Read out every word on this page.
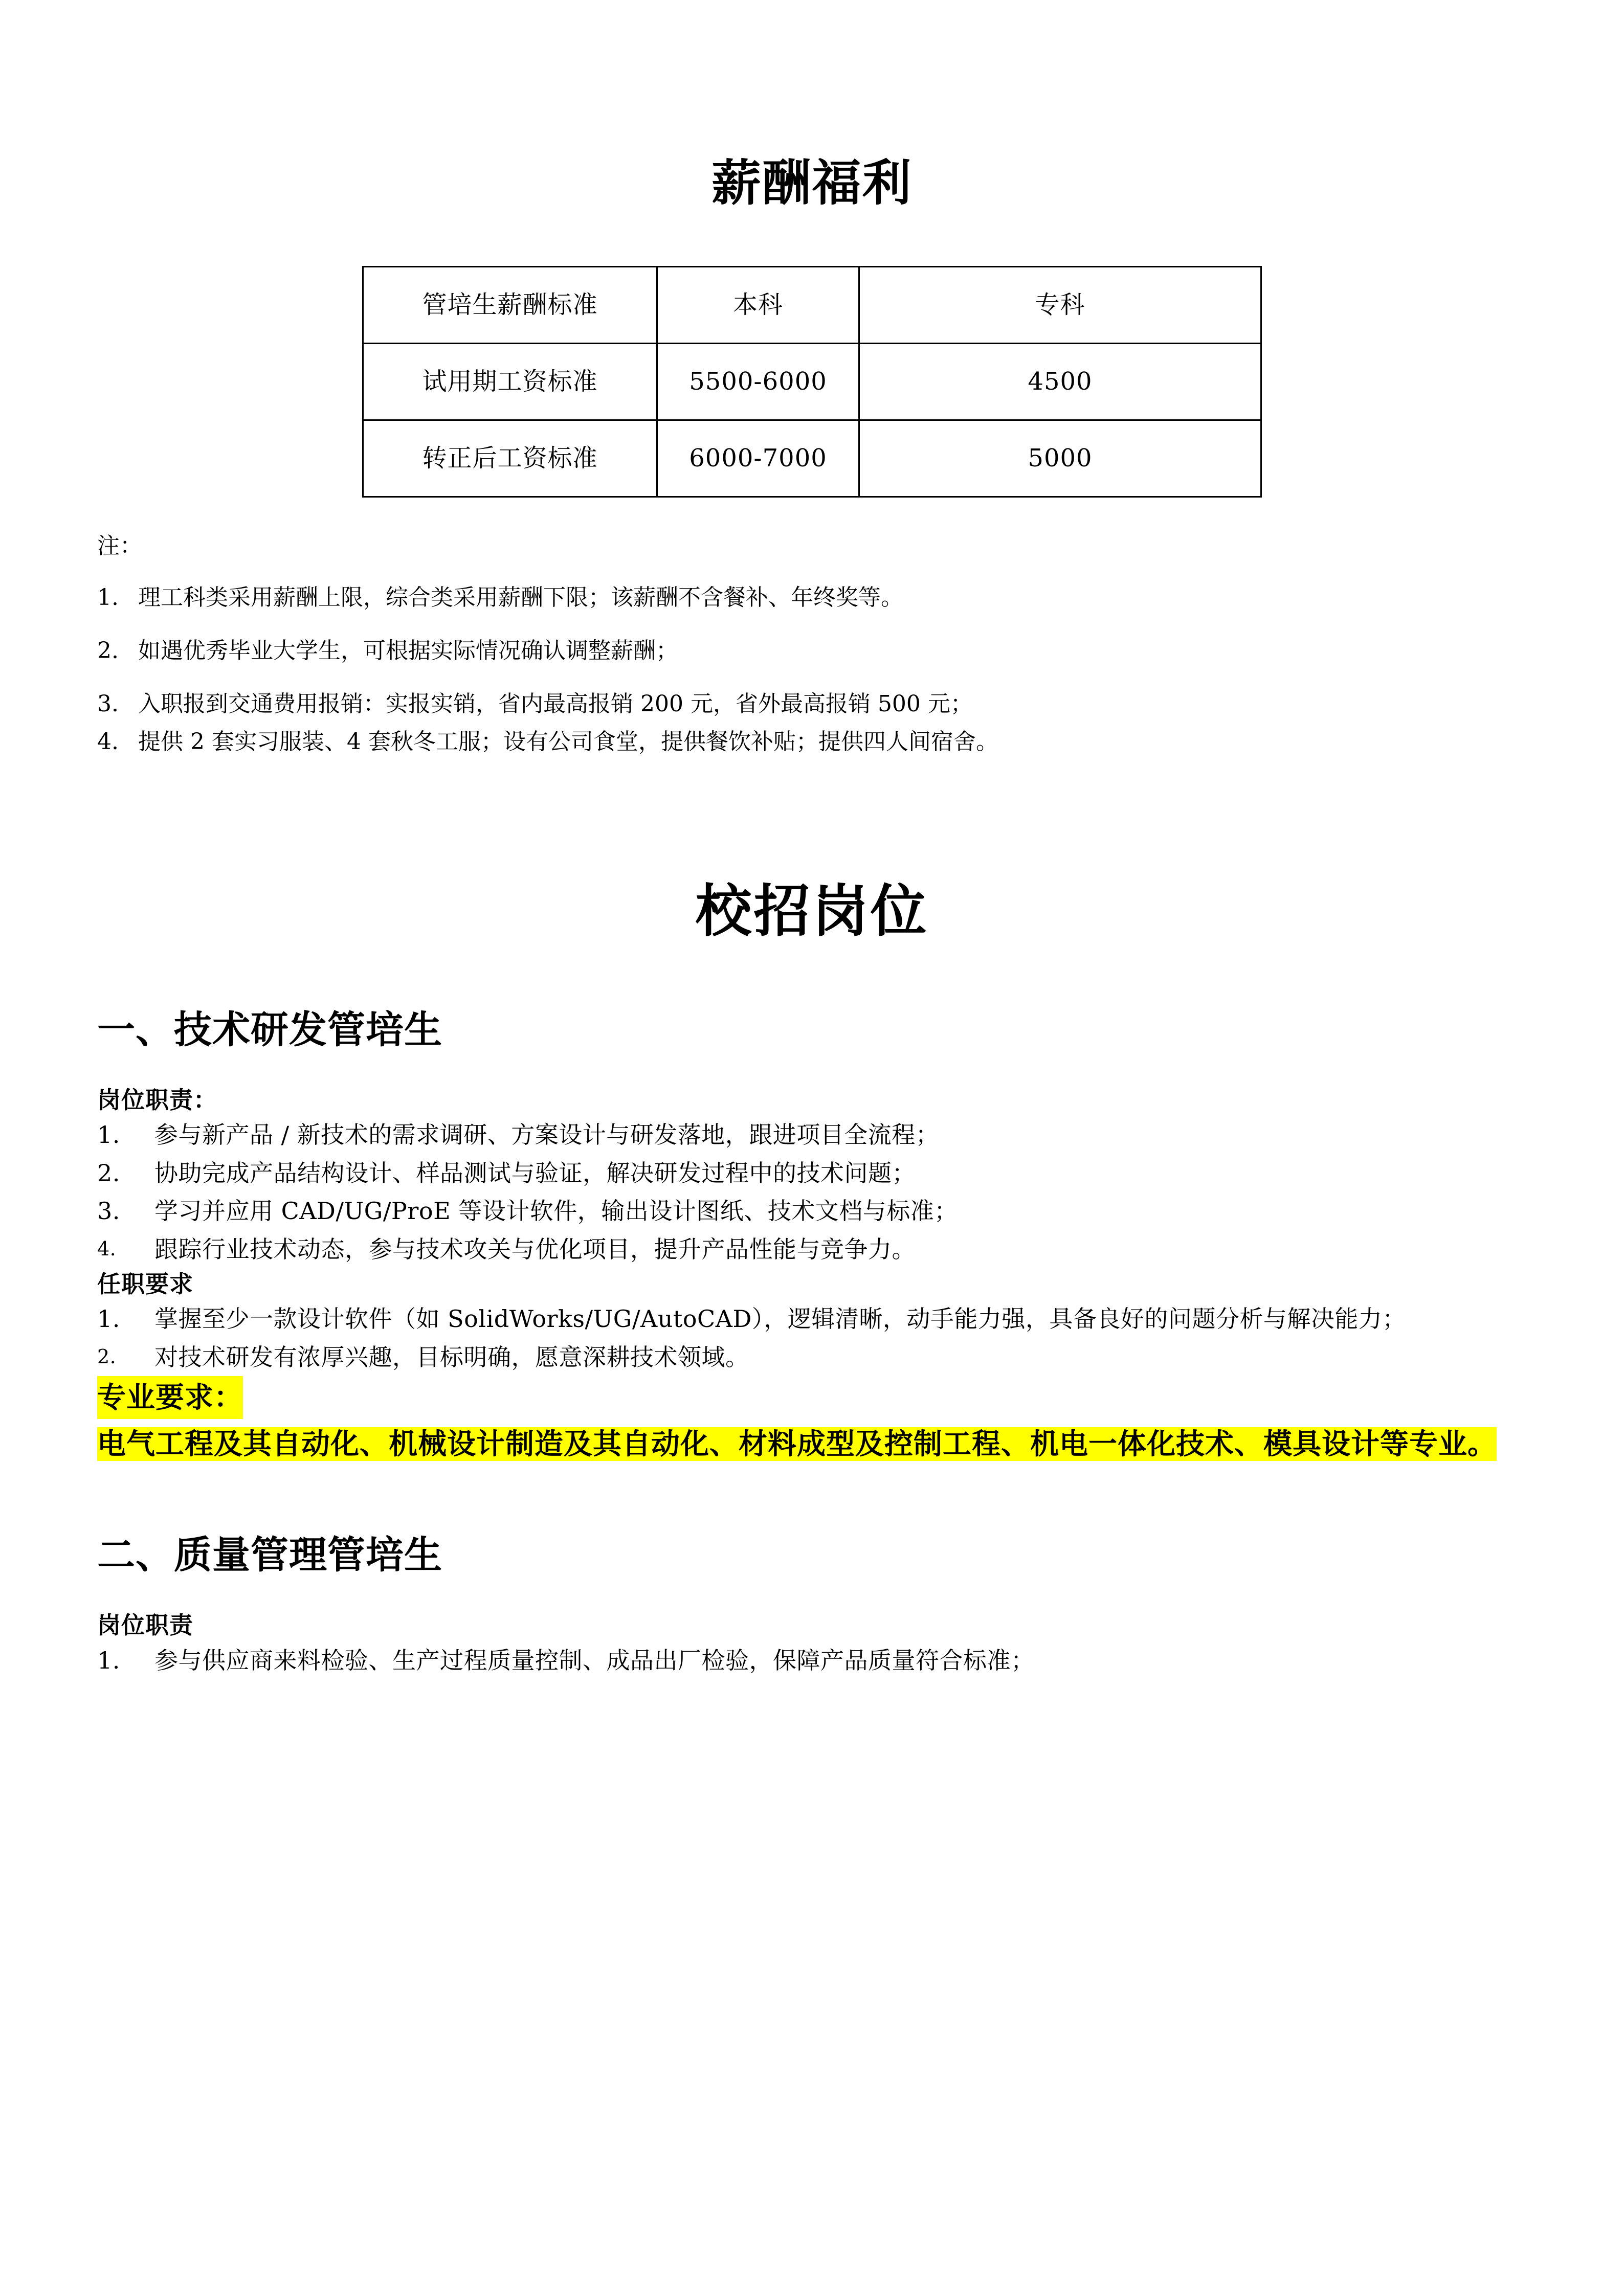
薪酬福利
管培生薪酬标准	本科	专科
试用期工资标准	5500-6000	4500
转正后工资标准	6000-7000	5000

注：

1. 理工科类采用薪酬上限，综合类采用薪酬下限；该薪酬不含餐补、年终奖等。
2. 如遇优秀毕业大学生，可根据实际情况确认调整薪酬；
3. 入职报到交通费用报销：实报实销，省内最高报销 200 元，省外最高报销 500 元；
4. 提供 2 套实习服装、4 套秋冬工服；设有公司食堂，提供餐饮补贴；提供四人间宿舍。
校招岗位
一、技术研发管培生

岗位职责：

1. 参与新产品 / 新技术的需求调研、方案设计与研发落地，跟进项目全流程；
2. 协助完成产品结构设计、样品测试与验证，解决研发过程中的技术问题；
3. 学习并应用 CAD/UG/ProE 等设计软件，输出设计图纸、技术文档与标准；
4. 跟踪行业技术动态，参与技术攻关与优化项目，提升产品性能与竞争力。

任职要求

1. 掌握至少一款设计软件（如 SolidWorks/UG/AutoCAD），逻辑清晰，动手能力强，具备良好的问题分析与解决能力；
2. 对技术研发有浓厚兴趣，目标明确，愿意深耕技术领域。

专业要求：

电气工程及其自动化、机械设计制造及其自动化、材料成型及控制工程、机电一体化技术、模具设计等专业。

二、质量管理管培生

岗位职责

1. 参与供应商来料检验、生产过程质量控制、成品出厂检验，保障产品质量符合标准；
